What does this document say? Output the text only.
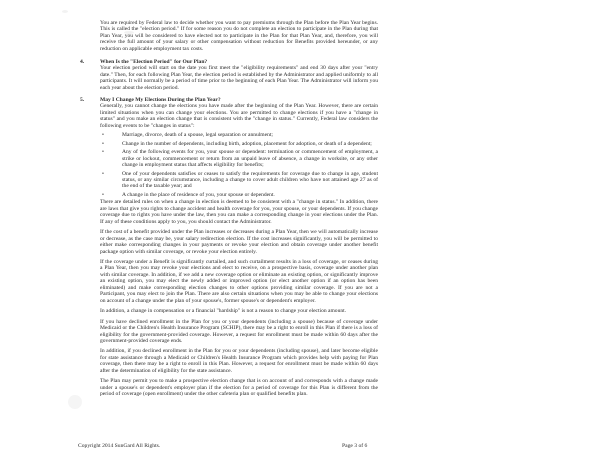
You are required by Federal law to decide whether you want to pay premiums through the Plan before the Plan Year begins. This is called the "election period." If for some reason you do not complete an election to participate in the Plan during that Plan Year, you will be considered to have elected not to participate in the Plan for that Plan Year, and, therefore, you will receive the full amount of your salary or other compensation without reduction for Benefits provided hereunder, or any reduction on applicable employment tax costs.

4.	When Is the "Election Period" for Our Plan?

Your election period will start on the date you first meet the "eligibility requirements" and end 30 days after your "entry date." Then, for each following Plan Year, the election period is established by the Administrator and applied uniformly to all participants. It will normally be a period of time prior to the beginning of each Plan Year. The Administrator will inform you each year about the election period.

5.	May I Change My Elections During the Plan Year?

Generally, you cannot change the elections you have made after the beginning of the Plan Year. However, there are certain limited situations when you can change your elections. You are permitted to change elections if you have a "change in status" and you make an election change that is consistent with the "change in status." Currently, Federal law considers the following events to be "changes in status":

•	Marriage, divorce, death of a spouse, legal separation or annulment;

•	Change in the number of dependents, including birth, adoption, placement for adoption, or death of a dependent;

•	Any of the following events for you, your spouse or dependent: termination or commencement of employment, a strike or lockout, commencement or return from an unpaid leave of absence, a change in worksite, or any other change in employment status that affects eligibility for benefits;

•	One of your dependents satisfies or ceases to satisfy the requirements for coverage due to change in age, student status, or any similar circumstance, including a change to cover adult children who have not attained age 27 as of the end of the taxable year; and

•	A change in the place of residence of you, your spouse or dependent.

There are detailed rules on when a change in election is deemed to be consistent with a "change in status." In addition, there are laws that give you rights to change accident and health coverage for you, your spouse, or your dependents. If you change coverage due to rights you have under the law, then you can make a corresponding change in your elections under the Plan. If any of these conditions apply to you, you should contact the Administrator.

If the cost of a benefit provided under the Plan increases or decreases during a Plan Year, then we will automatically increase or decrease, as the case may be, your salary redirection election. If the cost increases significantly, you will be permitted to either make corresponding changes in your payments or revoke your election and obtain coverage under another benefit package option with similar coverage, or revoke your election entirely.

If the coverage under a Benefit is significantly curtailed, and such curtailment results in a loss of coverage, or ceases during a Plan Year, then you may revoke your elections and elect to receive, on a prospective basis, coverage under another plan with similar coverage. In addition, if we add a new coverage option or eliminate an existing option, or significantly improve an existing option, you may elect the newly added or improved option (or elect another option if an option has been eliminated) and make corresponding election changes to other options providing similar coverage. If you are not a Participant, you may elect to join the Plan. There are also certain situations when you may be able to change your elections on account of a change under the plan of your spouse's, former spouse's or dependent's employer.

In addition, a change in compensation or a financial "hardship" is not a reason to change your election amount.

If you have declined enrollment in the Plan for you or your dependents (including a spouse) because of coverage under Medicaid or the Children's Health Insurance Program (SCHIP), there may be a right to enroll in this Plan if there is a loss of eligibility for the government-provided coverage. However, a request for enrollment must be made within 60 days after the government-provided coverage ends.

In addition, if you declined enrollment in the Plan for you or your dependents (including spouse), and later become eligible for state assistance through a Medicaid or Children's Health Insurance Program which provides help with paying for Plan coverage, then there may be a right to enroll in this Plan. However, a request for enrollment must be made within 60 days after the determination of eligibility for the state assistance.

The Plan may permit you to make a prospective election change that is on account of and corresponds with a change made under a spouse's or dependent's employer plan if the election for a period of coverage for this Plan is different from the period of coverage (open enrollment) under the other cafeteria plan or qualified benefits plan.

Copyright 2014 SunGard All Rights.	Page 3 of 6
